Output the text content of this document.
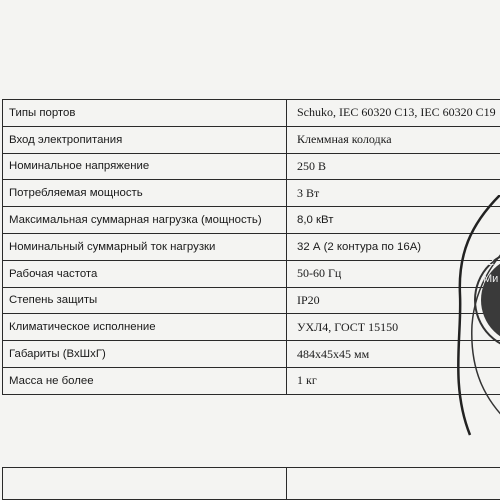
Типы портов	Schuko, IEC 60320 C13, IEC 60320 C19
Вход электропитания	Клеммная колодка
Номинальное напряжение	250 В
Потребляемая мощность	3 Вт
Максимальная суммарная нагрузка (мощность)	8,0 кВт
Номинальный суммарный ток нагрузки	32 А (2 контура по 16А)
Рабочая частота	50-60 Гц
Степень защиты	IP20
Климатическое исполнение	УХЛ4, ГОСТ 15150
Габариты (ВхШхГ)	484х45х45 мм
Масса не более	1 кг

2
Ми
